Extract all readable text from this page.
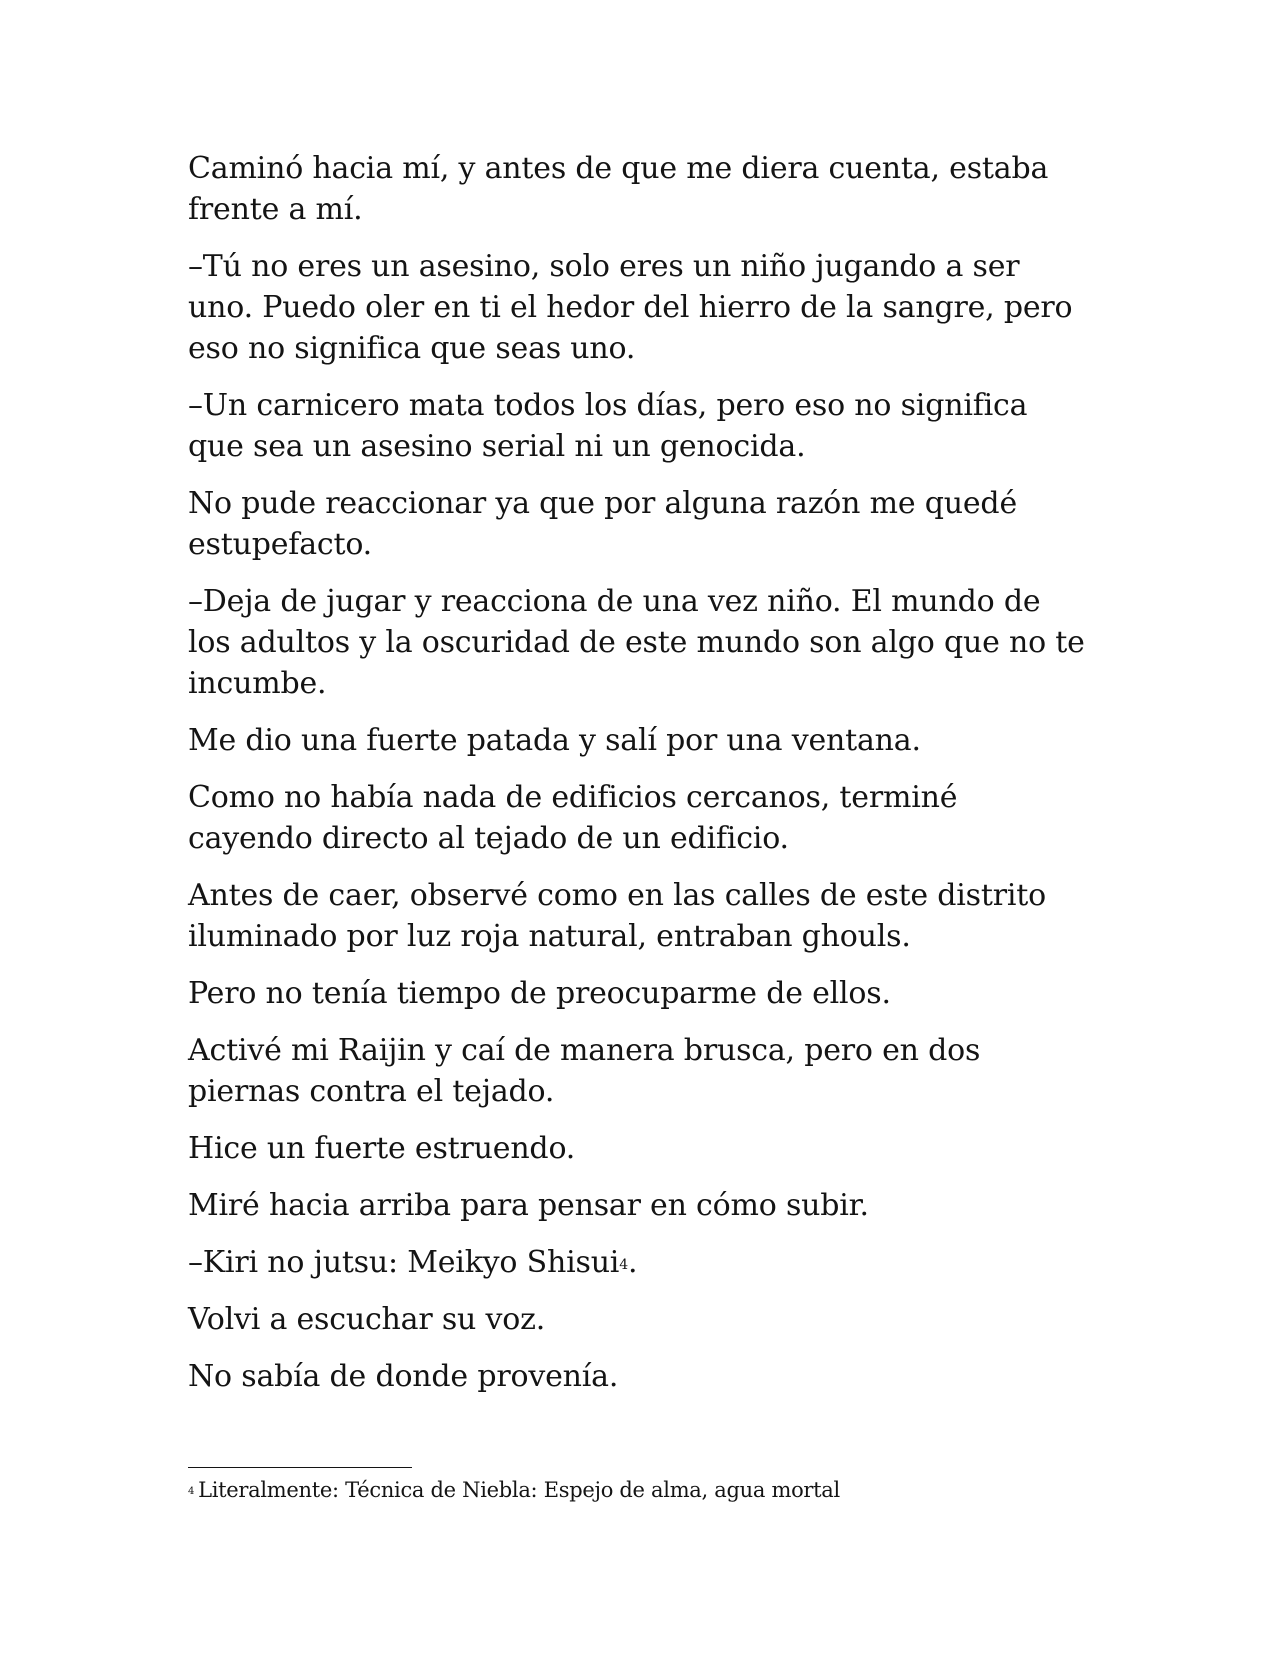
Caminó hacia mí, y antes de que me diera cuenta, estaba frente a mí.

–Tú no eres un asesino, solo eres un niño jugando a ser uno. Puedo oler en ti el hedor del hierro de la sangre, pero eso no significa que seas uno.

–Un carnicero mata todos los días, pero eso no significa que sea un asesino serial ni un genocida.

No pude reaccionar ya que por alguna razón me quedé estupefacto.

–Deja de jugar y reacciona de una vez niño. El mundo de los adultos y la oscuridad de este mundo son algo que no te incumbe.

Me dio una fuerte patada y salí por una ventana.

Como no había nada de edificios cercanos, terminé cayendo directo al tejado de un edificio.

Antes de caer, observé como en las calles de este distrito iluminado por luz roja natural, entraban ghouls.

Pero no tenía tiempo de preocuparme de ellos.

Activé mi Raijin y caí de manera brusca, pero en dos piernas contra el tejado.

Hice un fuerte estruendo.

Miré hacia arriba para pensar en cómo subir.

–Kiri no jutsu: Meikyo Shisui$^4$.

Volvi a escuchar su voz.

No sabía de donde provenía.

$^4$ Literalmente: Técnica de Niebla: Espejo de alma, agua mortal
